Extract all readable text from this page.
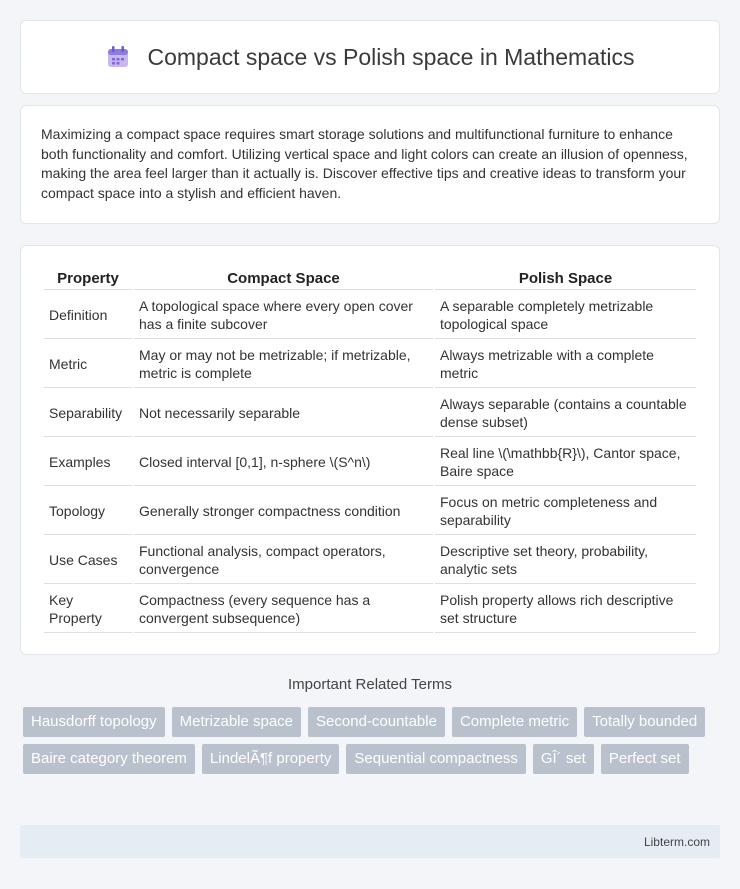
Compact space vs Polish space in Mathematics

Maximizing a compact space requires smart storage solutions and multifunctional furniture to enhance both functionality and comfort. Utilizing vertical space and light colors can create an illusion of openness, making the area feel larger than it actually is. Discover effective tips and creative ideas to transform your compact space into a stylish and efficient haven.

Property	Compact Space	Polish Space
Definition	A topological space where every open cover has a finite subcover	A separable completely metrizable topological space
Metric	May or may not be metrizable; if metrizable, metric is complete	Always metrizable with a complete metric
Separability	Not necessarily separable	Always separable (contains a countable dense subset)
Examples	Closed interval [0,1], n-sphere \(S^n\)	Real line \(\mathbb{R}\), Cantor space, Baire space
Topology	Generally stronger compactness condition	Focus on metric completeness and separability
Use Cases	Functional analysis, compact operators, convergence	Descriptive set theory, probability, analytic sets
Key Property	Compactness (every sequence has a convergent subsequence)	Polish property allows rich descriptive set structure
Important Related Terms
Hausdorff topology	Metrizable space	Second-countable	Complete metric	Totally bounded
Baire category theorem	LindelÃ¶f property	Sequential compactness	GÎ´ set	Perfect set
Libterm.com
